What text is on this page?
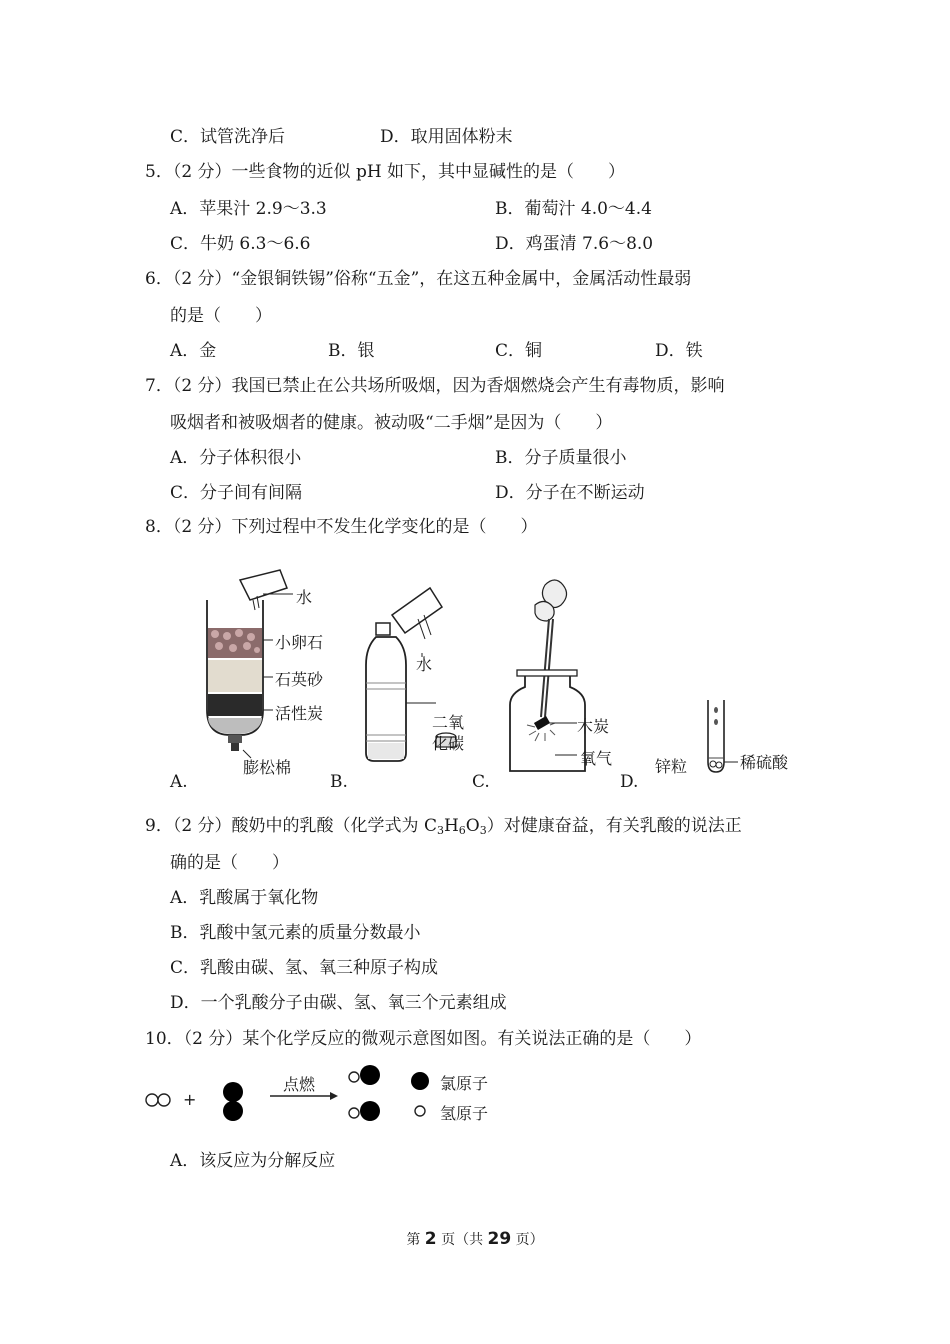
C．试管洗净后	D．取用固体粉末
5．（2 分）一些食物的近似 pH 如下，其中显碱性的是（　　）
A．苹果汁 2.9～3.3	B．葡萄汁 4.0～4.4
C．牛奶 6.3～6.6	D．鸡蛋清 7.6～8.0
6．（2 分）“金银铜铁锡”俗称“五金”，在这五种金属中，金属活动性最弱
的是（　　）
A．金	B．银	C．铜	D．铁
7．（2 分）我国已禁止在公共场所吸烟，因为香烟燃烧会产生有毒物质，影响
吸烟者和被吸烟者的健康。被动吸“二手烟”是因为（　　）
A．分子体积很小	B．分子质量很小
C．分子间有间隔	D．分子在不断运动
8．（2 分）下列过程中不发生化学变化的是（　　）
水
小卵石
石英砂
活性炭
膨松棉
A.
水
二氧
化碳
B.
木炭
氧气
C.
锌粒	稀硫酸
D.
9．（2 分）酸奶中的乳酸（化学式为 $C_3H_6O_3$）对健康奋益，有关乳酸的说法正
确的是（　　）
A．乳酸属于氧化物
B．乳酸中氢元素的质量分数最小
C．乳酸由碳、氢、氧三种原子构成
D．一个乳酸分子由碳、氢、氧三个元素组成
10．（2 分）某个化学反应的微观示意图如图。有关说法正确的是（　　）
+
点燃	氯原子
氢原子
A．该反应为分解反应
第 2 页（共 29 页）
